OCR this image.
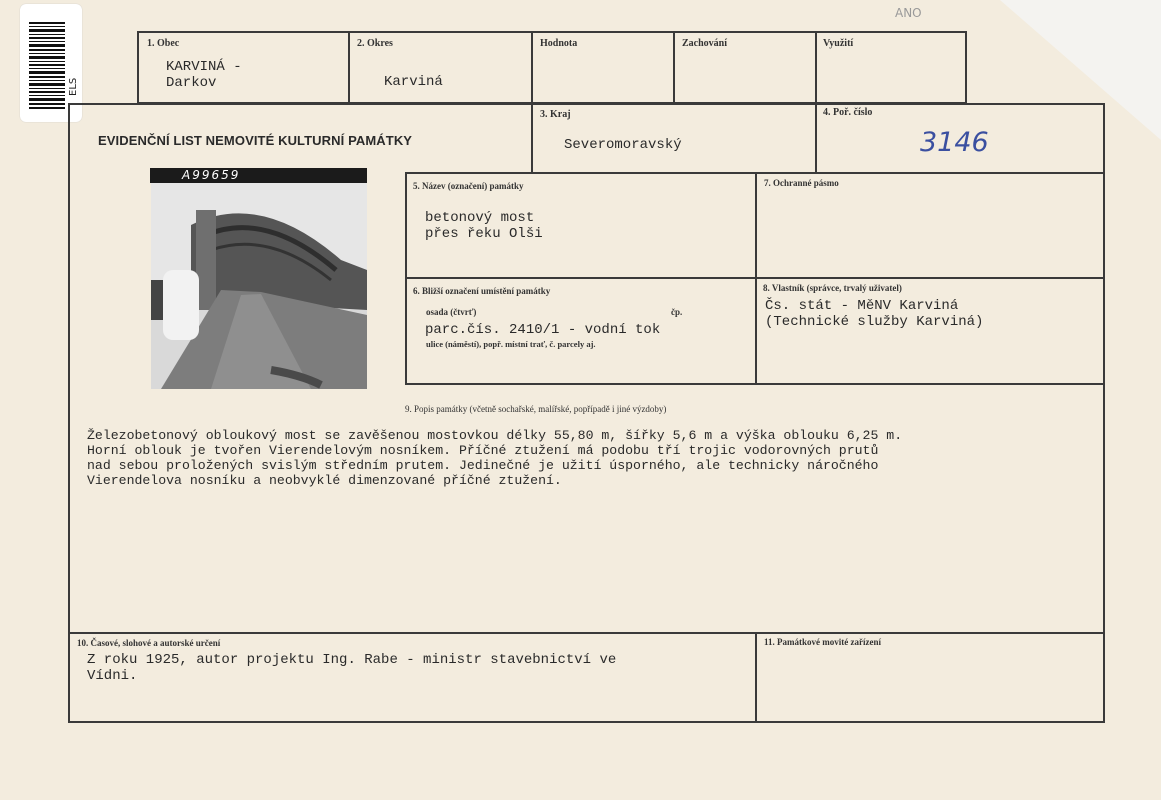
ANO
ELS
1. Obec
KARVINÁ -
Darkov
2. Okres
Karviná
Hodnota	Zachování	Využití
EVIDENČNÍ LIST NEMOVITÉ KULTURNÍ PAMÁTKY
3. Kraj
Severomoravský
4. Poř. číslo
3146
5. Název (označení) památky
betonový most
přes řeku Olši
7. Ochranné pásmo
6. Bližší označení umístění památky
osada (čtvrť)	čp.
parc.čís. 2410/1 - vodní tok
ulice (náměstí), popř. místní trať, č. parcely aj.
8. Vlastník (správce, trvalý uživatel)
Čs. stát - MěNV Karviná
(Technické služby Karviná)
A99659
9. Popis památky (včetně sochařské, malířské, popřípadě i jiné výzdoby)
Železobetonový obloukový most se zavěšenou mostovkou délky 55,80 m, šířky 5,6 m a výška oblouku 6,25 m.
Horní oblouk je tvořen Vierendelovým nosníkem. Příčné ztužení má podobu tří trojic vodorovných prutů
nad sebou proložených svislým středním prutem. Jedinečné je užití úsporného, ale technicky náročného
Vierendelova nosníku a neobvyklé dimenzované příčné ztužení.
10. Časové, slohové a autorské určení
Z roku 1925, autor projektu Ing. Rabe - ministr stavebnictví ve
Vídni.
11. Památkové movité zařízení
